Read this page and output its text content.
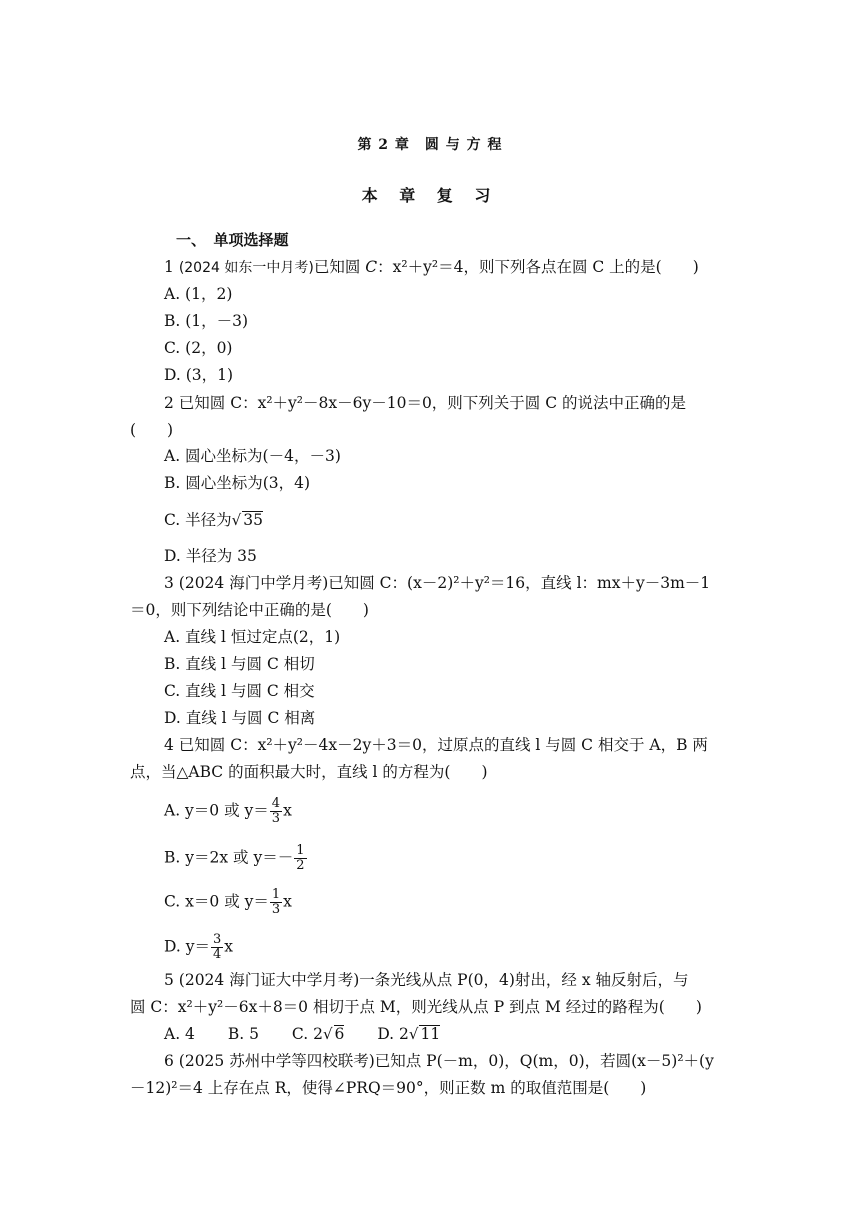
第 2 章　圆 与 方 程
本 章 复 习
一、　单项选择题
1 (2024 如东一中月考)已知圆 C：x²＋y²＝4，则下列各点在圆 C 上的是(　　)
A. (1，2)
B. (1，－3)
C. (2，0)
D. (3，1)
2 已知圆 C：x²＋y²－8x－6y－10＝0，则下列关于圆 C 的说法中正确的是
(　　)
A. 圆心坐标为(－4，－3)
B. 圆心坐标为(3，4)
C. 半径为√ 35
D. 半径为 35
3 (2024 海门中学月考)已知圆 C：(x－2)²＋y²＝16，直线 l：mx＋y－3m－1
＝0，则下列结论中正确的是(　　)
A. 直线 l 恒过定点(2，1)
B. 直线 l 与圆 C 相切
C. 直线 l 与圆 C 相交
D. 直线 l 与圆 C 相离
4 已知圆 C：x²＋y²－4x－2y＋3＝0，过原点的直线 l 与圆 C 相交于 A，B 两
点，当△ABC 的面积最大时，直线 l 的方程为(　　)
A. y＝0 或 $y= \frac{4}{3}$ x
B. y＝2x 或 $y=- \frac{1}{2}$
C. x＝0 或 $y= \frac{1}{3}$ x
D. $y= \frac{3}{4}$ x
5 (2024 海门证大中学月考)一条光线从点 P(0，4)射出，经 x 轴反射后，与
圆 C：x²＋y²－6x＋8＝0 相切于点 M，则光线从点 P 到点 M 经过的路程为(　　)
A. 4 B. 5 C. 2√ 6 D. 2√ 11
6 (2025 苏州中学等四校联考)已知点 P(－m，0)，Q(m，0)，若圆(x－5)²＋(y
－12)²＝4 上存在点 R，使得∠PRQ＝90°，则正数 m 的取值范围是(　　)
